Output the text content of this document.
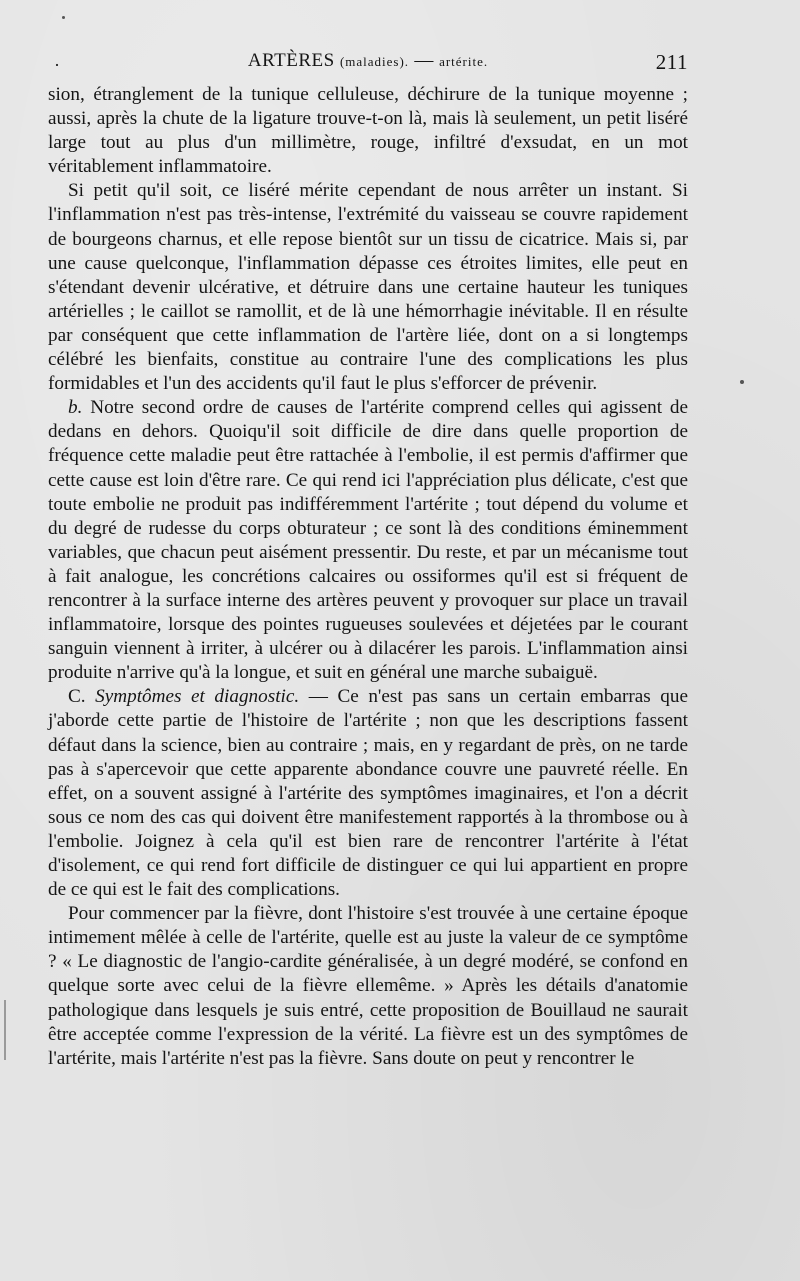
·	ARTÈRES (maladies). — artérite.	211

sion, étranglement de la tunique celluleuse, déchirure de la tunique moyenne ; aussi, après la chute de la ligature trouve-t-on là, mais là seulement, un petit liséré large tout au plus d'un millimètre, rouge, infiltré d'exsudat, en un mot véritablement inflammatoire.

Si petit qu'il soit, ce liséré mérite cependant de nous arrêter un instant. Si l'inflammation n'est pas très-intense, l'extrémité du vaisseau se couvre rapidement de bourgeons charnus, et elle repose bientôt sur un tissu de cicatrice. Mais si, par une cause quelconque, l'inflammation dépasse ces étroites limites, elle peut en s'étendant devenir ulcérative, et détruire dans une certaine hauteur les tuniques artérielles ; le caillot se ramollit, et de là une hémorrhagie inévitable. Il en résulte par conséquent que cette inflammation de l'artère liée, dont on a si longtemps célébré les bienfaits, constitue au contraire l'une des complications les plus formidables et l'un des accidents qu'il faut le plus s'efforcer de prévenir.

b. Notre second ordre de causes de l'artérite comprend celles qui agissent de dedans en dehors. Quoiqu'il soit difficile de dire dans quelle proportion de fréquence cette maladie peut être rattachée à l'embolie, il est permis d'affirmer que cette cause est loin d'être rare. Ce qui rend ici l'appréciation plus délicate, c'est que toute embolie ne produit pas indifféremment l'artérite ; tout dépend du volume et du degré de rudesse du corps obturateur ; ce sont là des conditions éminemment variables, que chacun peut aisément pressentir. Du reste, et par un mécanisme tout à fait analogue, les concrétions calcaires ou ossiformes qu'il est si fréquent de rencontrer à la surface interne des artères peuvent y provoquer sur place un travail inflammatoire, lorsque des pointes rugueuses soulevées et déjetées par le courant sanguin viennent à irriter, à ulcérer ou à dilacérer les parois. L'inflammation ainsi produite n'arrive qu'à la longue, et suit en général une marche subaiguë.

C. Symptômes et diagnostic. — Ce n'est pas sans un certain embarras que j'aborde cette partie de l'histoire de l'artérite ; non que les descriptions fassent défaut dans la science, bien au contraire ; mais, en y regardant de près, on ne tarde pas à s'apercevoir que cette apparente abondance couvre une pauvreté réelle. En effet, on a souvent assigné à l'artérite des symptômes imaginaires, et l'on a décrit sous ce nom des cas qui doivent être manifestement rapportés à la thrombose ou à l'embolie. Joignez à cela qu'il est bien rare de rencontrer l'artérite à l'état d'isolement, ce qui rend fort difficile de distinguer ce qui lui appartient en propre de ce qui est le fait des complications.

Pour commencer par la fièvre, dont l'histoire s'est trouvée à une certaine époque intimement mêlée à celle de l'artérite, quelle est au juste la valeur de ce symptôme ? « Le diagnostic de l'angio-cardite généralisée, à un degré modéré, se confond en quelque sorte avec celui de la fièvre ellemême. » Après les détails d'anatomie pathologique dans lesquels je suis entré, cette proposition de Bouillaud ne saurait être acceptée comme l'expression de la vérité. La fièvre est un des symptômes de l'artérite, mais l'artérite n'est pas la fièvre. Sans doute on peut y rencontrer le
